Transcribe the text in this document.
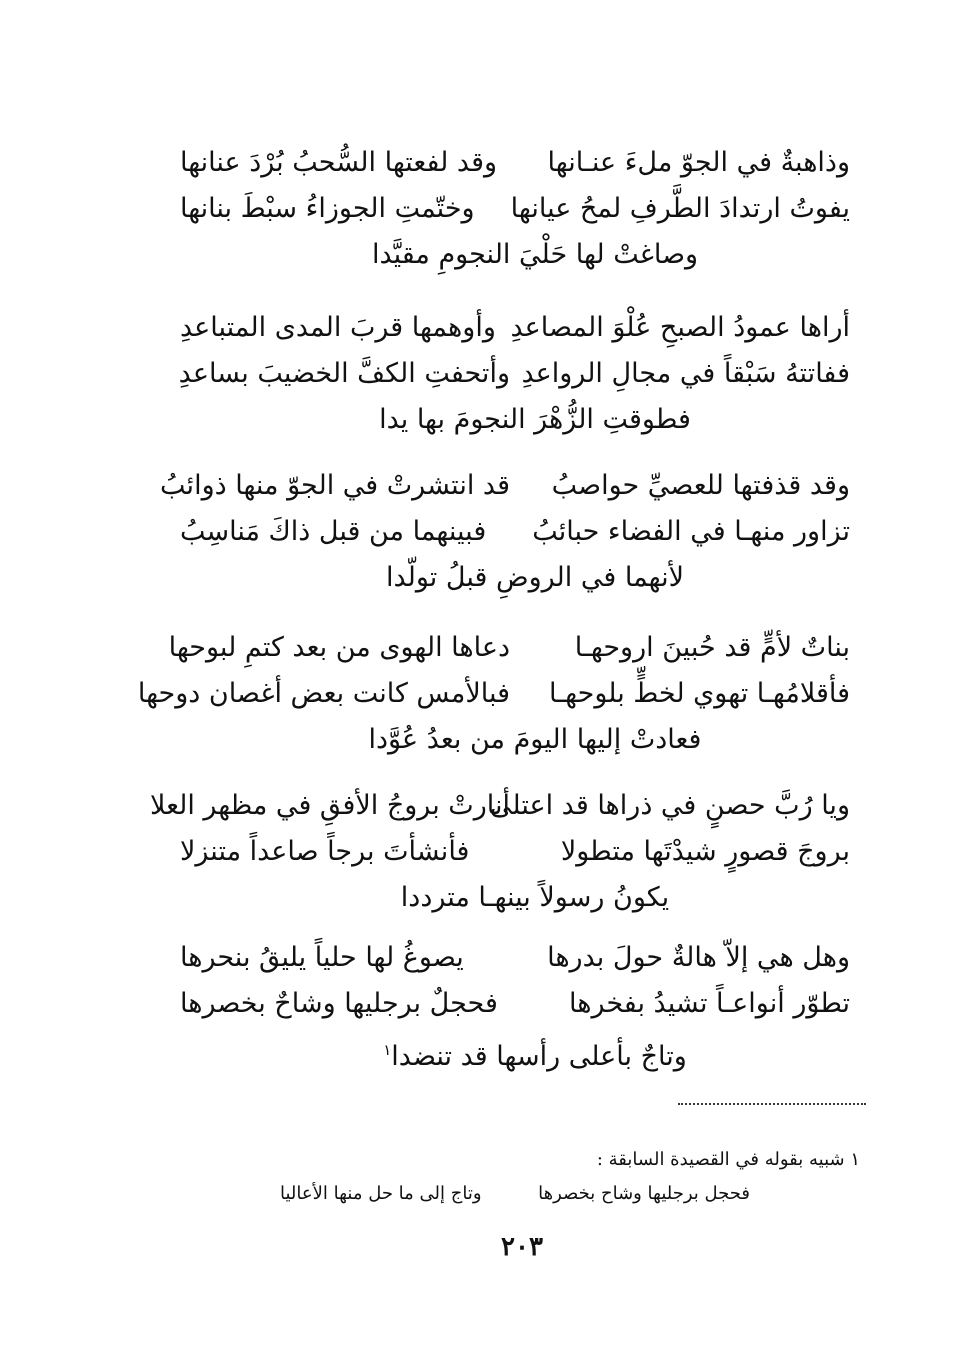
وذاهبةٌ في الجوّ ملءَ عنـانها
وقد لفعتها السُّحبُ بُرْدَ عنانها
يفوتُ ارتدادَ الطَّرفِ لمحُ عيانها
وختّمتِ الجوزاءُ سبْطَ بنانها
وصاغتْ لها حَلْيَ النجومِ مقيَّدا
أراها عمودُ الصبحِ عُلْوَ المصاعدِ
وأوهمها قربَ المدى المتباعدِ
ففاتتهُ سَبْقاً في مجالِ الرواعدِ
وأتحفتِ الكفَّ الخضيبَ بساعدِ
فطوقتِ الزُّهْرَ النجومَ بها يدا
وقد قذفتها للعصيِّ حواصبُ
قد انتشرتْ في الجوّ منها ذوائبُ
تزاور منهـا في الفضاء حبائبُ
فبينهما من قبل ذاكَ مَناسِبُ
لأنهما في الروضِ قبلُ تولّدا
بناتٌ لأمٍّ قد حُبينَ اروحهـا
دعاها الهوى من بعد كتمِ لبوحها
فأقلامُهـا تهوي لخطٍّ بلوحهـا
فبالأمس كانت بعض أغصان دوحها
فعادتْ إليها اليومَ من بعدُ عُوَّدا
ويا رُبَّ حصنٍ في ذراها قد اعتلى
أنارتْ بروجُ الأفقِ في مظهر العلا
بروجَ قصورٍ شيدْتَها متطولا
فأنشأتَ برجاً صاعداً متنزلا
يكونُ رسولاً بينهـا مترددا
وهل هي إلاّ هالةٌ حولَ بدرها
يصوغُ لها حلياً يليقُ بنحرها
تطوّر أنواعـاً تشيدُ بفخرها
فحجلٌ برجليها وشاحٌ بخصرها
وتاجٌ بأعلى رأسها قد تنضدا$^١$
١ شبيه بقوله في القصيدة السابقة :
فحجل برجليها وشاح بخصرها
وتاج إلى ما حل منها الأعاليا
٢٠٣
